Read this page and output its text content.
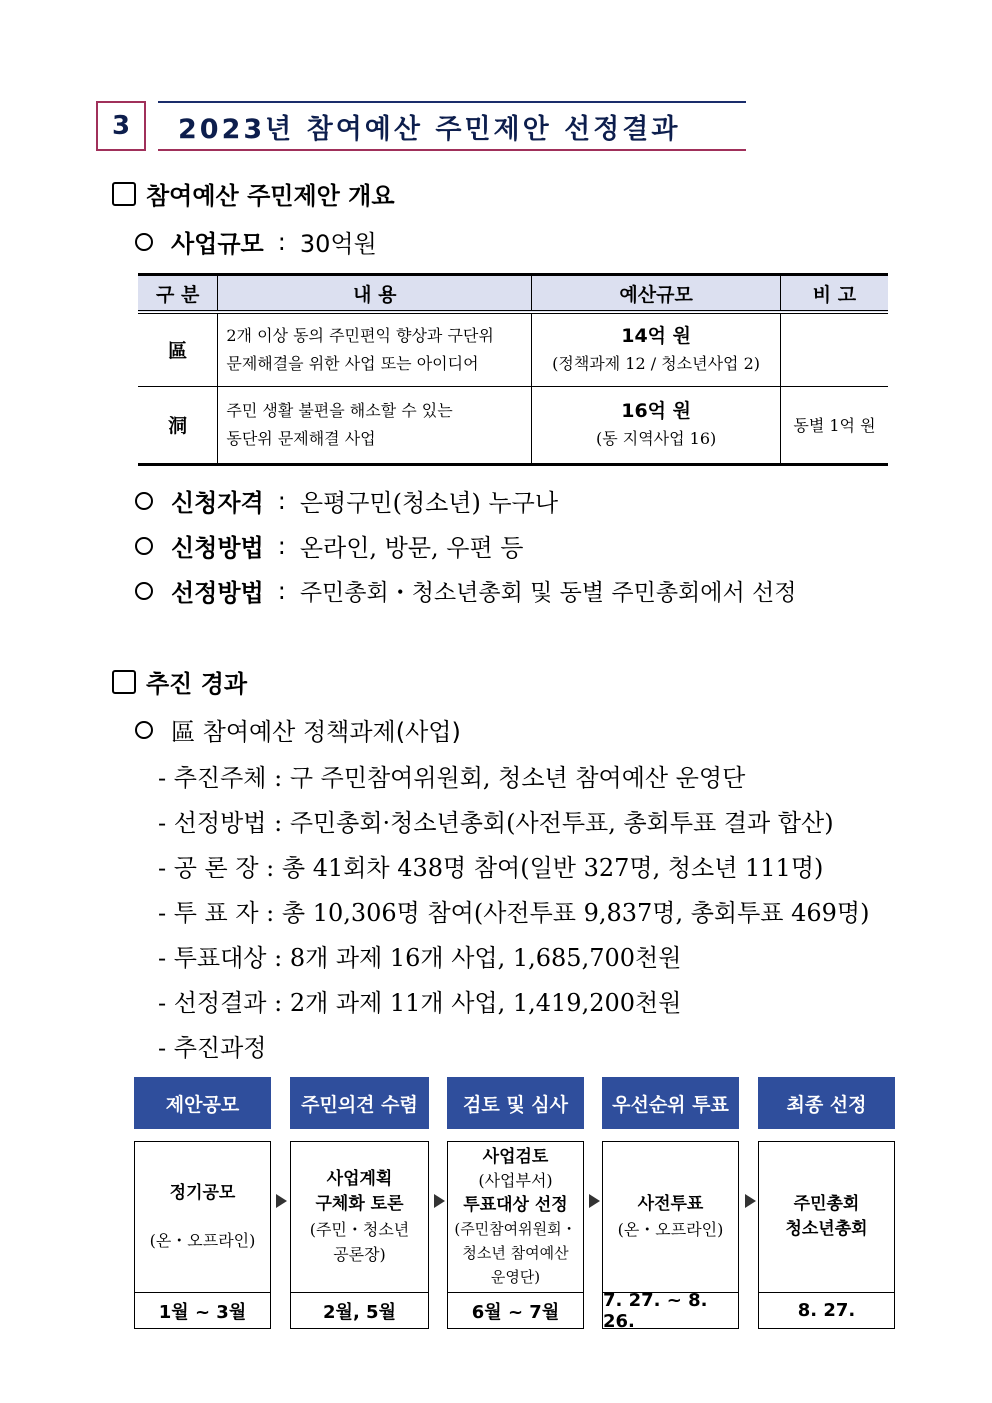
3	2023년 참여예산 주민제안 선정결과
참여예산 주민제안 개요
사업규모 : 30억원
구 분	내 용	예산규모	비 고
區	2개 이상 동의 주민편익 향상과 구단위
문제해결을 위한 사업 또는 아이디어	14억 원
(정책과제 12 / 청소년사업 2)	

洞	주민 생활 불편을 해소할 수 있는
동단위 문제해결 사업	16억 원
(동 지역사업 16)	동별 1억 원
신청자격 : 은평구민(청소년) 누구나
신청방법 : 온라인, 방문, 우편 등
선정방법 : 주민총회・청소년총회 및 동별 주민총회에서 선정
추진 경과
區 참여예산 정책과제(사업)
- 추진주체 : 구 주민참여위원회, 청소년 참여예산 운영단
- 선정방법 : 주민총회·청소년총회(사전투표, 총회투표 결과 합산)
- 공 론 장 : 총 41회차 438명 참여(일반 327명, 청소년 111명)
- 투 표 자 : 총 10,306명 참여(사전투표 9,837명, 총회투표 469명)
- 투표대상 : 8개 과제 16개 사업, 1,685,700천원
- 선정결과 : 2개 과제 11개 사업, 1,419,200천원
- 추진과정
제안공모
정기공모
(온・오프라인)
1월 ~ 3월
주민의견 수렴
사업계획
구체화 토론
(주민・청소년
공론장)
2월, 5월
검토 및 심사
사업검토
(사업부서)
투표대상 선정
(주민참여위원회・
청소년 참여예산
운영단)
6월 ~ 7월
우선순위 투표
사전투표
(온・오프라인)
7. 27. ~ 8. 26.
최종 선정
주민총회
청소년총회
8. 27.
